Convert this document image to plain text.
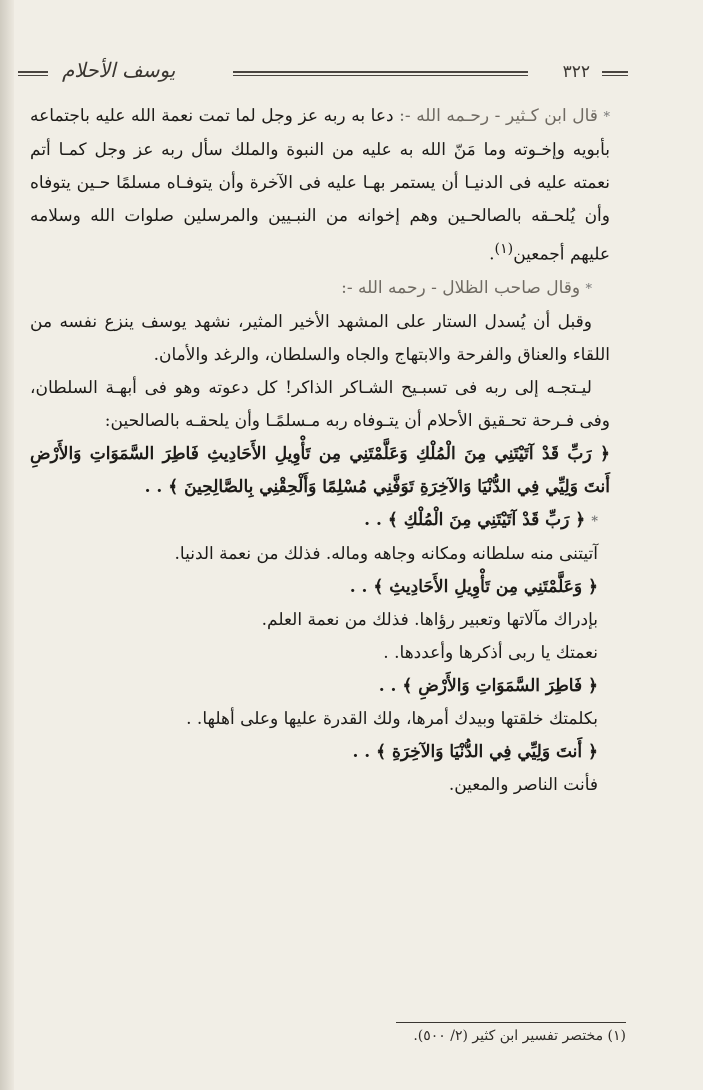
٣٢٢
يوسف الأحلام

* قال ابن كـثير - رحـمه الله -: دعا به ربه عز وجل لما تمت نعمة الله عليه باجتماعه بأبويه وإخـوته وما مَنّ الله به عليه من النبوة والملك سأل ربه عز وجل كمـا أتم نعمته عليه فى الدنيـا أن يستمر بهـا عليه فى الآخرة وأن يتوفـاه مسلمًا حـين يتوفاه وأن يُلحـقه بالصالحـين وهم إخوانه من النبـيين والمرسلين صلوات الله وسلامه عليهم أجمعين$^{(١)}$.

* وقال صاحب الظلال - رحمه الله -:

وقبل أن يُسدل الستار على المشهد الأخير المثير، نشهد يوسف ينزع نفسه من اللقاء والعناق والفرحة والابتهاج والجاه والسلطان، والرغد والأمان.

ليـتجـه إلى ربه فى تسبـيح الشـاكر الذاكر! كل دعوته وهو فى أبهـة السلطان، وفى فـرحة تحـقيق الأحلام أن يتـوفاه ربه مـسلمًـا وأن يلحقـه بالصالحين:

﴿ رَبِّ قَدْ آتَيْتَنِي مِنَ الْمُلْكِ وَعَلَّمْتَنِي مِن تَأْوِيلِ الأَحَادِيثِ فَاطِرَ السَّمَوَاتِ وَالأَرْضِ أَنتَ وَلِيِّي فِي الدُّنْيَا وَالآخِرَةِ تَوَفَّنِي مُسْلِمًا وَأَلْحِقْنِي بِالصَّالِحِينَ ﴾ . .

* ﴿ رَبِّ قَدْ آتَيْتَنِي مِنَ الْمُلْكِ ﴾ . .

آتيتنى منه سلطانه ومكانه وجاهه وماله. فذلك من نعمة الدنيا.

﴿ وَعَلَّمْتَنِي مِن تَأْوِيلِ الأَحَادِيثِ ﴾ . .

بإدراك مآلاتها وتعبير رؤاها. فذلك من نعمة العلم.

نعمتك يا ربى أذكرها وأعددها. .

﴿ فَاطِرَ السَّمَوَاتِ وَالأَرْضِ ﴾ . .

بكلمتك خلقتها وبيدك أمرها، ولك القدرة عليها وعلى أهلها. .

﴿ أَنتَ وَلِيِّي فِي الدُّنْيَا وَالآخِرَةِ ﴾ . .

فأنت الناصر والمعين.

(١) مختصر تفسير ابن كثير (٢/ ٥٠٠).
